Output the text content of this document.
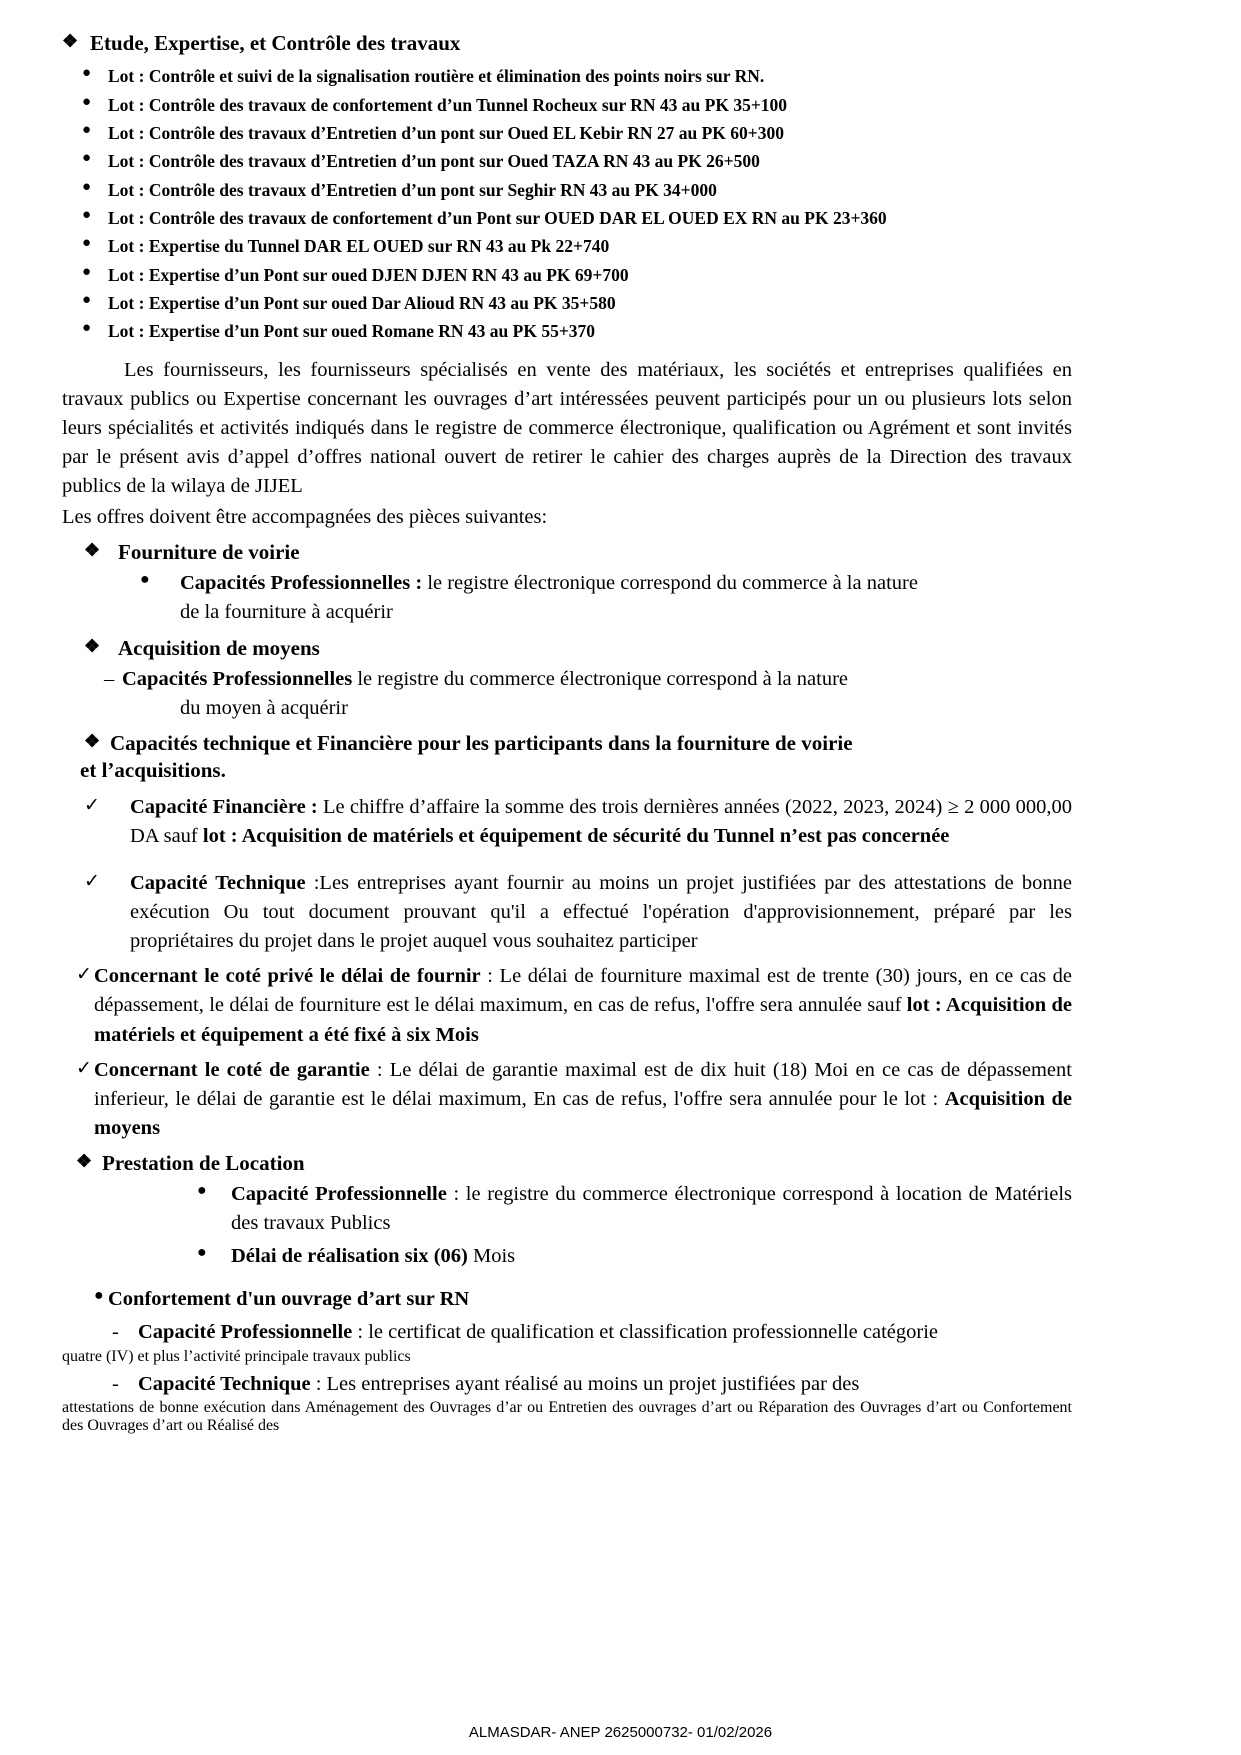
❖ Etude, Expertise, et Contrôle des travaux
● Lot : Contrôle et suivi de la signalisation routière et élimination des points noirs sur RN.
● Lot : Contrôle des travaux de confortement d’un Tunnel Rocheux sur RN 43 au PK 35+100
● Lot : Contrôle des travaux d’Entretien d’un pont sur Oued EL Kebir RN 27 au PK 60+300
● Lot : Contrôle des travaux d’Entretien d’un pont sur Oued TAZA RN 43 au PK 26+500
● Lot : Contrôle des travaux d’Entretien d’un pont sur Seghir RN 43 au PK 34+000
● Lot : Contrôle des travaux de confortement d’un Pont sur OUED DAR EL OUED EX RN au PK 23+360
● Lot : Expertise du Tunnel DAR EL OUED sur RN 43 au Pk 22+740
● Lot : Expertise d’un Pont sur oued DJEN DJEN RN 43 au PK 69+700
● Lot : Expertise d’un Pont sur oued Dar Alioud RN 43 au PK 35+580
● Lot : Expertise d’un Pont sur oued Romane RN 43 au PK 55+370

Les fournisseurs, les fournisseurs spécialisés en vente des matériaux, les sociétés et entreprises qualifiées en travaux publics ou Expertise concernant les ouvrages d’art intéressées peuvent participés pour un ou plusieurs lots selon leurs spécialités et activités indiqués dans le registre de commerce électronique, qualification ou Agrément et sont invités par le présent avis d’appel d’offres national ouvert de retirer le cahier des charges auprès de la Direction des travaux publics de la wilaya de JIJEL

Les offres doivent être accompagnées des pièces suivantes:

❖ Fourniture de voirie
●	Capacités Professionnelles : le registre électronique correspond du commerce à la nature
de la fourniture à acquérir
❖ Acquisition de moyens
– Capacités Professionnelles le registre du commerce électronique correspond à la nature
du moyen à acquérir
❖ Capacités technique et Financière pour les participants dans la fourniture de voirie
et l’acquisitions.
✓	Capacité Financière : Le chiffre d’affaire la somme des trois dernières années (2022, 2023, 2024) ≥ 2 000 000,00 DA sauf lot : Acquisition de matériels et équipement de sécurité du Tunnel n’est pas concernée
✓	Capacité Technique :Les entreprises ayant fournir au moins un projet justifiées par des attestations de bonne exécution Ou tout document prouvant qu'il a effectué l'opération d'approvisionnement, préparé par les propriétaires du projet dans le projet auquel vous souhaitez participer
✓ Concernant le coté privé le délai de fournir : Le délai de fourniture maximal est de trente (30) jours, en ce cas de dépassement, le délai de fourniture est le délai maximum, en cas de refus, l'offre sera annulée sauf lot : Acquisition de matériels et équipement a été fixé à six Mois
✓ Concernant le coté de garantie : Le délai de garantie maximal est de dix huit (18) Moi en ce cas de dépassement inferieur, le délai de garantie est le délai maximum, En cas de refus, l'offre sera annulée pour le lot : Acquisition de moyens
❖ Prestation de Location
●	Capacité Professionnelle : le registre du commerce électronique correspond à location de Matériels des travaux Publics
●	Délai de réalisation six (06) Mois
● Confortement d'un ouvrage d’art sur RN
- Capacité Professionnelle : le certificat de qualification et classification professionnelle catégorie
quatre (IV) et plus l’activité principale travaux publics
- Capacité Technique : Les entreprises ayant réalisé au moins un projet justifiées par des
attestations de bonne exécution dans Aménagement des Ouvrages d’ar ou Entretien des ouvrages d’art ou Réparation des Ouvrages d’art ou Confortement des Ouvrages d’art ou Réalisé des
ALMASDAR- ANEP 2625000732- 01/02/2026
